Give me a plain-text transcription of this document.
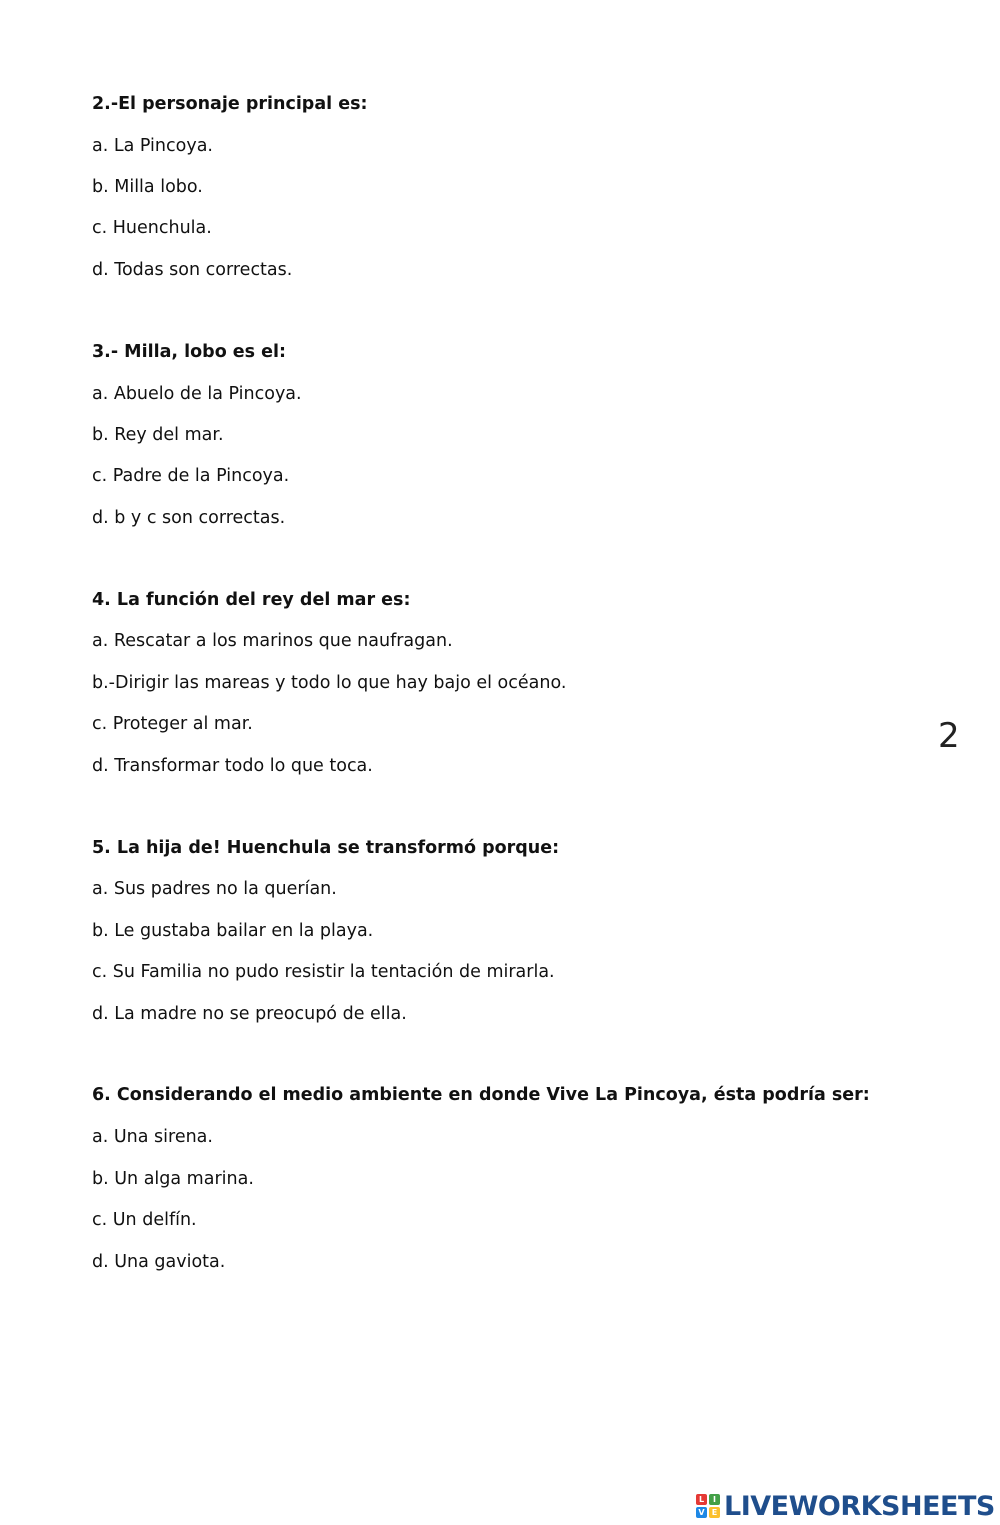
2.-El personaje principal es:

a. La Pincoya.
b. Milla lobo.
c. Huenchula.
d. Todas son correctas.

3.- Milla, lobo es el:

a. Abuelo de la Pincoya.
b. Rey del mar.
c. Padre de la Pincoya.
d. b y c son correctas.

4. La función del rey del mar es:

a. Rescatar a los marinos que naufragan.
b.-Dirigir las mareas y todo lo que hay bajo el océano.
c. Proteger al mar.
d. Transformar todo lo que toca.

5. La hija de! Huenchula se transformó porque:

a. Sus padres no la querían.
b. Le gustaba bailar en la playa.
c. Su Familia no pudo resistir la tentación de mirarla.
d. La madre no se preocupó de ella.

6. Considerando el medio ambiente en donde Vive La Pincoya, ésta podría ser:

a. Una sirena.
b. Un alga marina.
c. Un delfín.
d. Una gaviota.
2
L	I
V E LIVEWORKSHEETS
